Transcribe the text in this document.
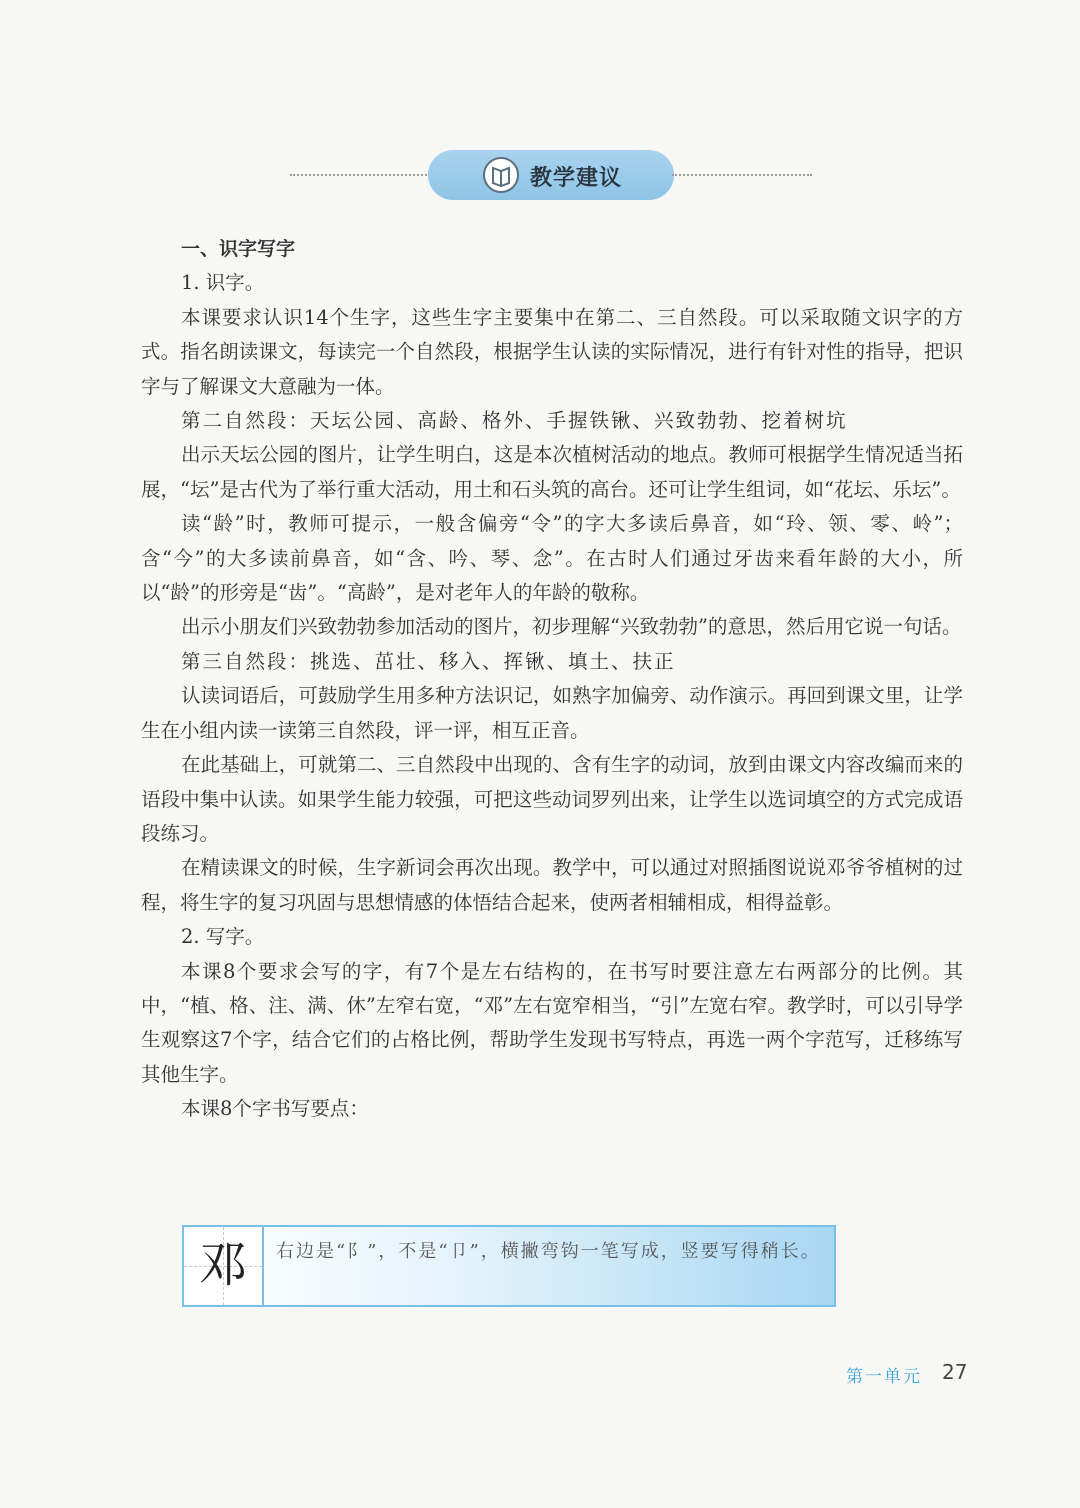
教学建议

一、识字写字

1. 识字。

本课要求认识14个生字，这些生字主要集中在第二、三自然段。可以采取随文识字的方式。指名朗读课文，每读完一个自然段，根据学生认读的实际情况，进行有针对性的指导，把识字与了解课文大意融为一体。

第二自然段：天坛公园、高龄、格外、手握铁锹、兴致勃勃、挖着树坑

出示天坛公园的图片，让学生明白，这是本次植树活动的地点。教师可根据学生情况适当拓展，“坛”是古代为了举行重大活动，用土和石头筑的高台。还可让学生组词，如“花坛、乐坛”。

读“龄”时，教师可提示，一般含偏旁“令”的字大多读后鼻音，如“玲、领、零、岭”；含“今”的大多读前鼻音，如“含、吟、琴、念”。在古时人们通过牙齿来看年龄的大小，所以“龄”的形旁是“齿”。“高龄”，是对老年人的年龄的敬称。

出示小朋友们兴致勃勃参加活动的图片，初步理解“兴致勃勃”的意思，然后用它说一句话。

第三自然段：挑选、茁壮、移入、挥锹、填土、扶正

认读词语后，可鼓励学生用多种方法识记，如熟字加偏旁、动作演示。再回到课文里，让学生在小组内读一读第三自然段，评一评，相互正音。

在此基础上，可就第二、三自然段中出现的、含有生字的动词，放到由课文内容改编而来的语段中集中认读。如果学生能力较强，可把这些动词罗列出来，让学生以选词填空的方式完成语段练习。

在精读课文的时候，生字新词会再次出现。教学中，可以通过对照插图说说邓爷爷植树的过程，将生字的复习巩固与思想情感的体悟结合起来，使两者相辅相成，相得益彰。

2. 写字。

本课8个要求会写的字，有7个是左右结构的，在书写时要注意左右两部分的比例。其中，“植、格、注、满、休”左窄右宽，“邓”左右宽窄相当，“引”左宽右窄。教学时，可以引导学生观察这7个字，结合它们的占格比例，帮助学生发现书写特点，再选一两个字范写，迁移练写其他生字。

本课8个字书写要点：

邓	右边是“阝”，不是“卩”，横撇弯钩一笔写成，竖要写得稍长。
第一单元 27
